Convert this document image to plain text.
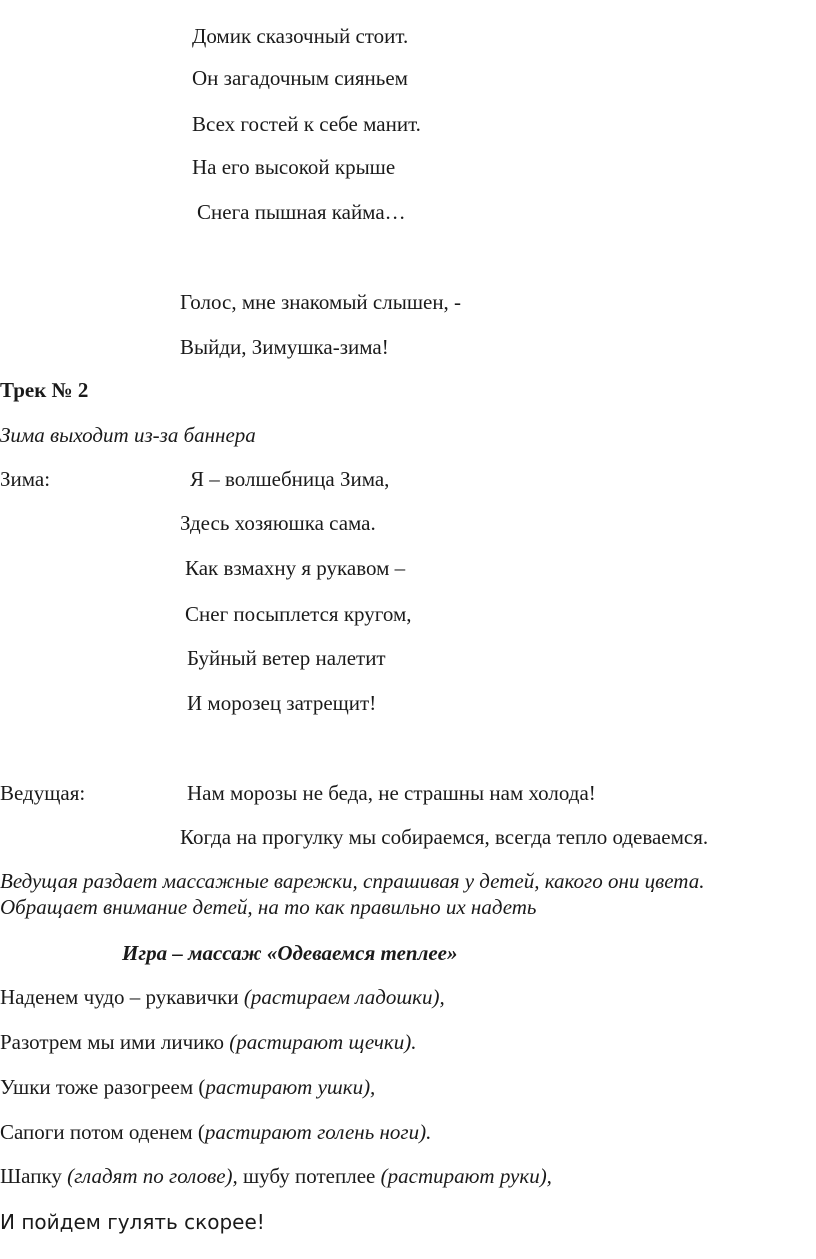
Домик сказочный стоит.
Он загадочным сияньем
Всех гостей к себе манит.
На его высокой крыше
Снега пышная кайма…
Голос, мне знакомый слышен, -
Выйди, Зимушка-зима!
Трек № 2
Зима выходит из-за баннера
Зима:	Я – волшебница Зима,
Здесь хозяюшка сама.
Как взмахну я рукавом –
Снег посыплется кругом,
Буйный ветер налетит
И морозец затрещит!
Ведущая:	Нам морозы не беда, не страшны нам холода!
Когда на прогулку мы собираемся, всегда тепло одеваемся.
Ведущая раздает массажные варежки, спрашивая у детей, какого они цвета.
Обращает внимание детей, на то как правильно их надеть
Игра – массаж «Одеваемся теплее»
Наденем чудо – рукавички (растираем ладошки),
Разотрем мы ими личико (растирают щечки).
Ушки тоже разогреем (растирают ушки),
Сапоги потом оденем (растирают голень ноги).
Шапку (гладят по голове), шубу потеплее (растирают руки),
И пойдем гулять скорее!
